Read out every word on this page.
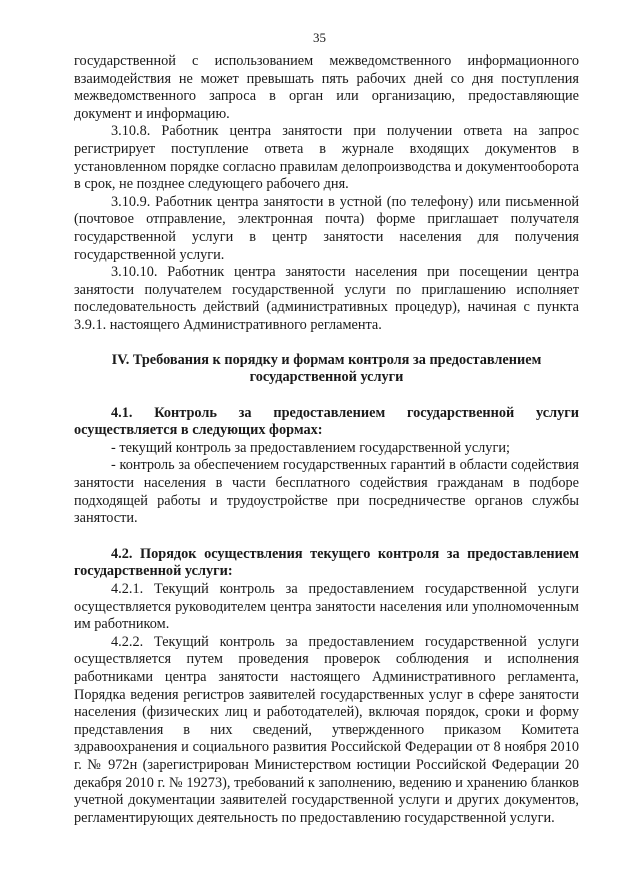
35

государственной с использованием межведомственного информационного взаимодействия не может превышать пять рабочих дней со дня поступления межведомственного запроса в орган или организацию, предоставляющие документ и информацию.

3.10.8. Работник центра занятости при получении ответа на запрос регистрирует поступление ответа в журнале входящих документов в установленном порядке согласно правилам делопроизводства и документооборота в срок, не позднее следующего рабочего дня.

3.10.9. Работник центра занятости в устной (по телефону) или письменной (почтовое отправление, электронная почта) форме приглашает получателя государственной услуги в центр занятости населения для получения государственной услуги.

3.10.10. Работник центра занятости населения при посещении центра занятости получателем государственной услуги по приглашению исполняет последовательность действий (административных процедур), начиная с пункта 3.9.1. настоящего Административного регламента.

IV. Требования к порядку и формам контроля за предоставлением государственной услуги

4.1. Контроль за предоставлением государственной услуги осуществляется в следующих формах:

- текущий контроль за предоставлением государственной услуги;

- контроль за обеспечением государственных гарантий в области содействия занятости населения в части бесплатного содействия гражданам в подборе подходящей работы и трудоустройстве при посредничестве органов службы занятости.

4.2. Порядок осуществления текущего контроля за предоставлением государственной услуги:

4.2.1. Текущий контроль за предоставлением государственной услуги осуществляется руководителем центра занятости населения или уполномоченным им работником.

4.2.2. Текущий контроль за предоставлением государственной услуги осуществляется путем проведения проверок соблюдения и исполнения работниками центра занятости настоящего Административного регламента, Порядка ведения регистров заявителей государственных услуг в сфере занятости населения (физических лиц и работодателей), включая порядок, сроки и форму представления в них сведений, утвержденного приказом Комитета здравоохранения и социального развития Российской Федерации от 8 ноября 2010 г. № 972н (зарегистрирован Министерством юстиции Российской Федерации 20 декабря 2010 г. № 19273), требований к заполнению, ведению и хранению бланков учетной документации заявителей государственной услуги и других документов, регламентирующих деятельность по предоставлению государственной услуги.
